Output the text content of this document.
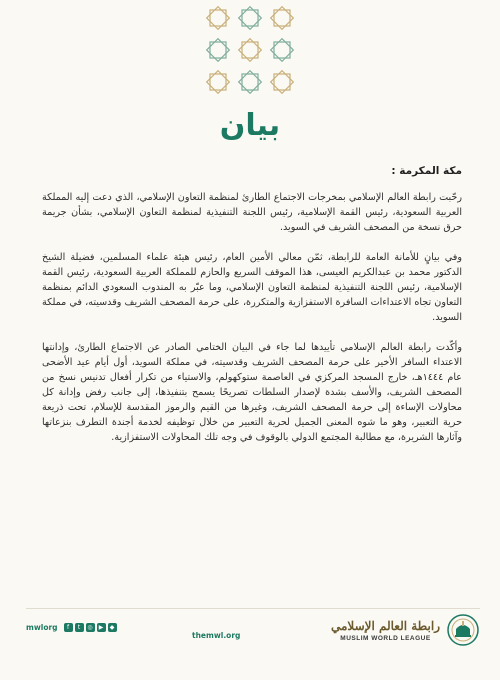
بيان
مكة المكرمة :

رحّبت رابطة العالم الإسلامي بمخرجات الاجتماع الطارئ لمنظمة التعاون الإسلامي، الذي دعت إليه المملكة العربية السعودية، رئيس القمة الإسلامية، رئيس اللجنة التنفيذية لمنظمة التعاون الإسلامي، بشأن جريمة حرق نسخة من المصحف الشريف في السويد.

وفي بيانٍ للأمانة العامة للرابطة، ثمّن معالي الأمين العام، رئيس هيئة علماء المسلمين، فضيلة الشيخ الدكتور محمد بن عبدالكريم العيسى، هذا الموقف السريع والحازم للمملكة العربية السعودية، رئيس القمة الإسلامية، رئيس اللجنة التنفيذية لمنظمة التعاون الإسلامي، وما عبّر به المندوب السعودي الدائم بمنظمة التعاون تجاه الاعتداءات السافرة الاستفزازية والمتكررة، على حرمة المصحف الشريف وقدسيته، في مملكة السويد.

وأكّدت رابطة العالم الإسلامي تأييدها لما جاء في البيان الختامي الصادر عن الاجتماع الطارئ، وإدانتها الاعتداء السافر الأخير على حرمة المصحف الشريف وقدسيته، في مملكة السويد، أول أيام عيد الأضحى عام ١٤٤٤هـ، خارج المسجد المركزي في العاصمة ستوكهولم، والاستياء من تكرار أفعال تدنيس نسخ من المصحف الشريف، والأسف بشدة لإصدار السلطات تصريحًا يسمح بتنفيذها، إلى جانب رفض وإدانة كل محاولات الإساءة إلى حرمة المصحف الشريف، وغيرها من القيم والرموز المقدسة للإسلام، تحت ذريعة حرية التعبير، وهو ما شوه المعنى الجميل لحرية التعبير من خلال توظيفه لخدمة أجندة التطرف بنزعاتها وآثارها الشريرة، مع مطالبة المجتمع الدولي بالوقوف في وجه تلك المحاولات الاستفزازية.

mwlorg	f	t	◎	▶	◆
themwl.org
رابطة العالم الإسلامي
MUSLIM WORLD LEAGUE
